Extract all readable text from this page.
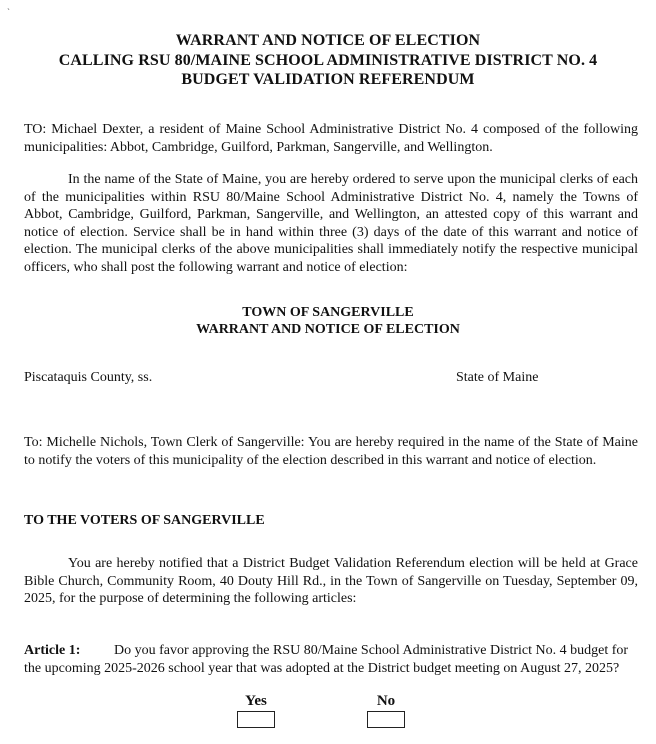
`
WARRANT AND NOTICE OF ELECTION
CALLING RSU 80/MAINE SCHOOL ADMINISTRATIVE DISTRICT NO. 4
BUDGET VALIDATION REFERENDUM
TO: Michael Dexter, a resident of Maine School Administrative District No. 4 composed of the following municipalities: Abbot, Cambridge, Guilford, Parkman, Sangerville, and Wellington.
In the name of the State of Maine, you are hereby ordered to serve upon the municipal clerks of each of the municipalities within RSU 80/Maine School Administrative District No. 4, namely the Towns of Abbot, Cambridge, Guilford, Parkman, Sangerville, and Wellington, an attested copy of this warrant and notice of election. Service shall be in hand within three (3) days of the date of this warrant and notice of election. The municipal clerks of the above municipalities shall immediately notify the respective municipal officers, who shall post the following warrant and notice of election:
TOWN OF SANGERVILLE
WARRANT AND NOTICE OF ELECTION
Piscataquis County, ss.	State of Maine
To: Michelle Nichols, Town Clerk of Sangerville: You are hereby required in the name of the State of Maine to notify the voters of this municipality of the election described in this warrant and notice of election.
TO THE VOTERS OF SANGERVILLE
You are hereby notified that a District Budget Validation Referendum election will be held at Grace Bible Church, Community Room, 40 Douty Hill Rd., in the Town of Sangerville on Tuesday, September 09, 2025, for the purpose of determining the following articles:
Article 1: Do you favor approving the RSU 80/Maine School Administrative District No. 4 budget for the upcoming 2025-2026 school year that was adopted at the District budget meeting on August 27, 2025?
Yes	No
